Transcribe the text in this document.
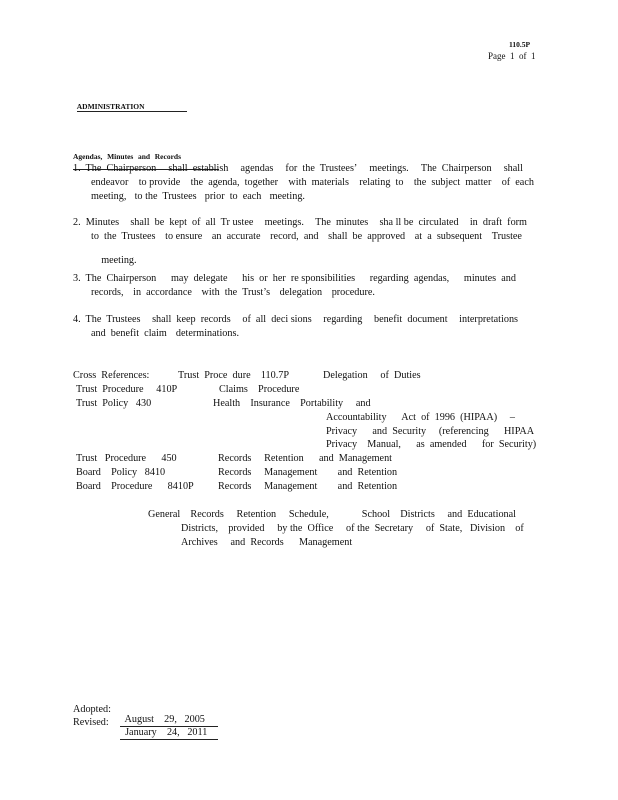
110.5P
Page  1  of  1

ADMINISTRATION

Agendas, Minutes and Records

1.  The  Chairperson shall  establish agendas for  the  Trustees’ meetings. The  Chairperson shall
endeavor to provide the  agenda,  together with  materials relating  to the  subject  matter of  each
meeting, to the  Trustees prior  to  each meeting.
2.  Minutes shall  be  kept  of  all  Tr ustee meetings. The  minutes sha ll be  circulated in  draft  form
to  the  Trustees to ensure an  accurate record,  and shall  be  approved at  a  subsequent Trustee

meeting.

3.  The  Chairperson may  delegate his  or  her  re sponsibilities regarding  agendas, minutes  and
records, in  accordance with  the  Trust’s delegation procedure.
4.  The  Trustees shall  keep  records of  all  deci sions regarding benefit  document interpretations
and  benefit  claim determinations.
Cross  References:	Trust  Proce  dure    110.7P	Delegation     of  Duties
Trust  Procedure     410P	Claims    Procedure
Trust  Policy   430	Health    Insurance    Portability     and
Accountability      Act  of  1996  (HIPAA)     –
Privacy      and  Security     (referencing      HIPAA
Privacy    Manual,      as  amended      for  Security)
Trust   Procedure      450	Records     Retention      and  Management
Board    Policy   8410	Records     Management        and  Retention
Board    Procedure      8410P Records     Management        and  Retention
General    Records     Retention     Schedule,	School    Districts     and  Educational
Districts,    provided     by the  Office     of the  Secretary     of  State,   Division    of
Archives     and  Records      Management
Adopted:

August    29,   2005

Revised:

January    24,   2011
